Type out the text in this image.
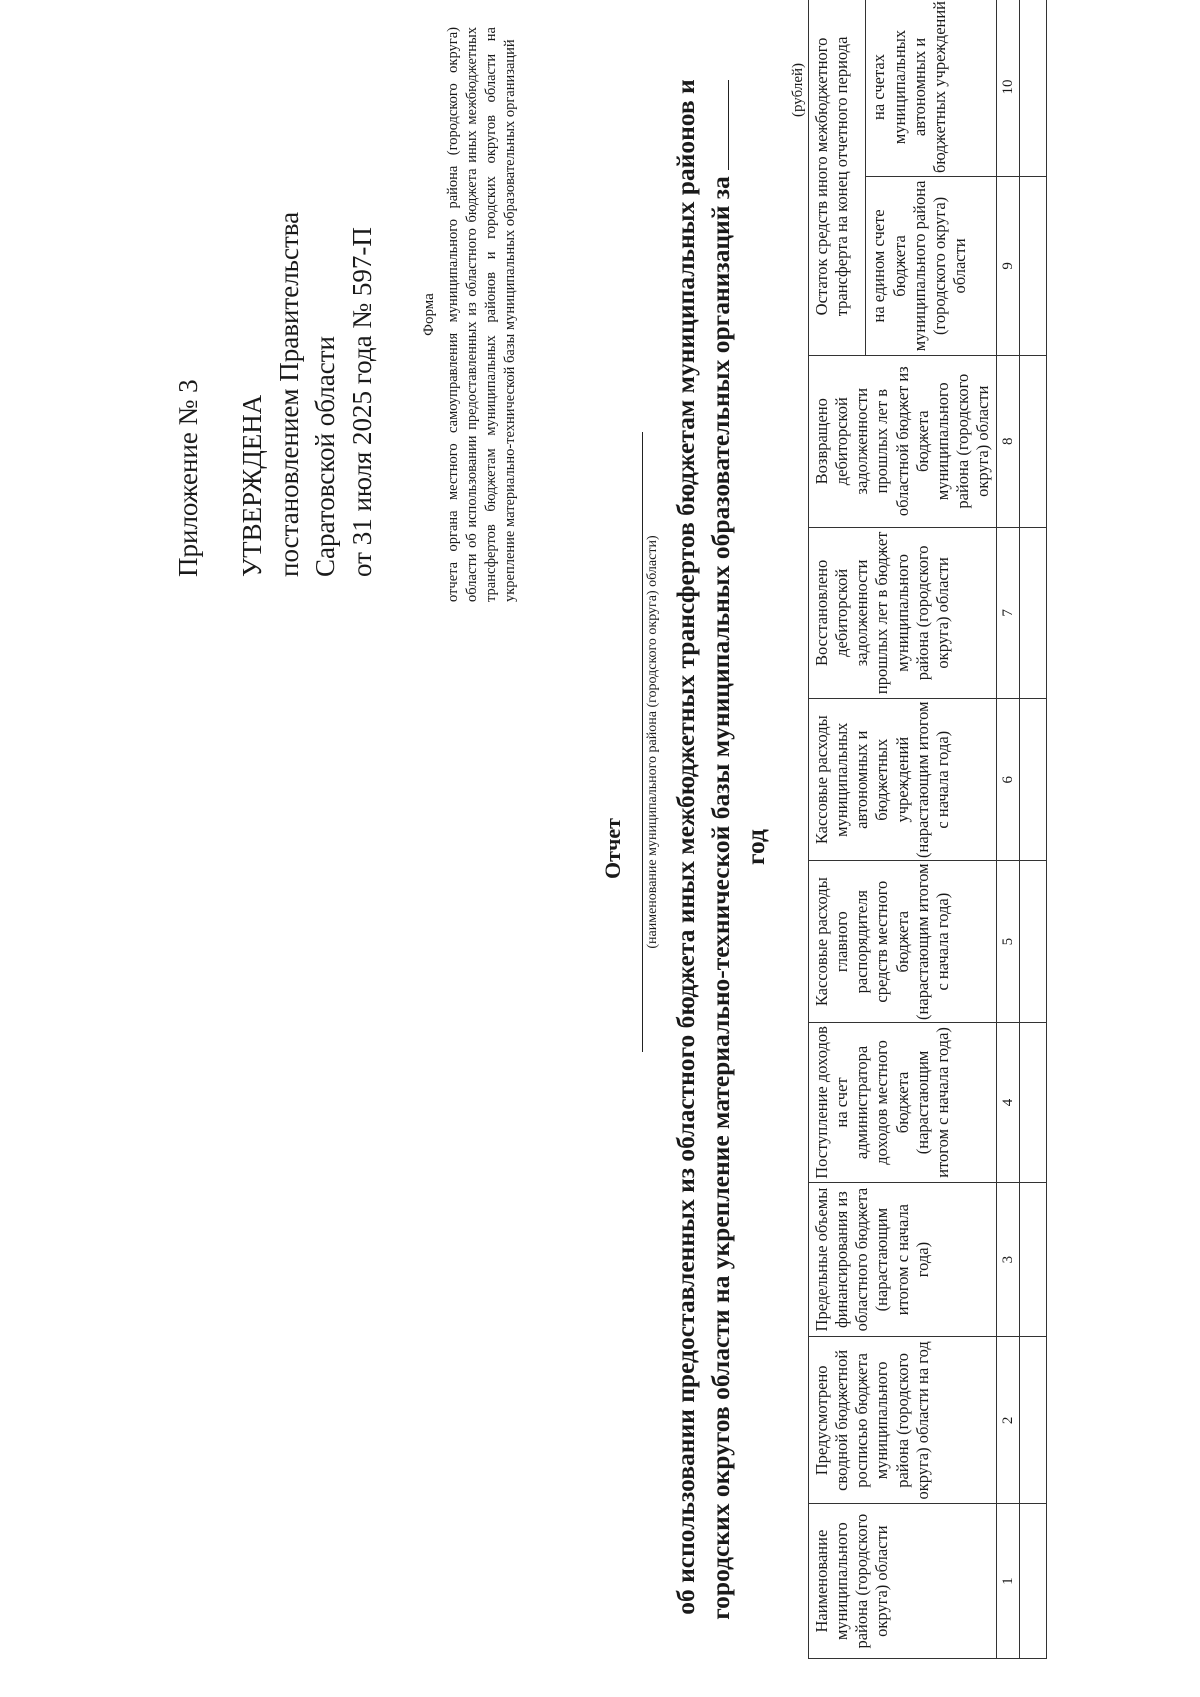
Приложение № 3 УТВЕРЖДЕНА постановлением Правительства Саратовской области от 31 июля 2025 года № 597-П	Форма отчета органа местного самоуправления муниципального района (городского округа) области об использовании предоставленных из областного бюджета иных межбюджетных трансфертов бюджетам муниципальных районов и городских округов области на укрепление материально-технической базы муниципальных образовательных организаций
Отчет (наименование муниципального района (городского округа) области) об использовании предоставленных из областного бюджета иных межбюджетных трансфертов бюджетам муниципальных районов и городских округов области на укрепление материально-технической базы муниципальных образовательных организаций за год
(рублей)
Наименование муниципального района (городского округа) области	Предусмотрено сводной бюджетной росписью бюджета муниципального района (городского округа) области на год	Предельные объемы финансирования из областного бюджета (нарастающим итогом с начала года)	Поступление доходов на счет администратора доходов местного бюджета (нарастающим итогом с начала года)	Кассовые расходы главного распорядителя средств местного бюджета (нарастающим итогом с начала года)	Кассовые расходы муниципальных автономных и бюджетных учреждений (нарастающим итогом с начала года)	Восстановлено дебиторской задолженности прошлых лет в бюджет муниципального района (городского округа) области	Возвращено дебиторской задолженности прошлых лет в областной бюджет из бюджета муниципального района (городского округа) области	Остаток средств иного межбюджетного трансферта на конец отчетного периода	
								на едином счете бюджета муниципального района (городского округа) области	на счетах муниципальных автономных и бюджетных учреждений
1	2	3	4	5	6	7	8	9	10
